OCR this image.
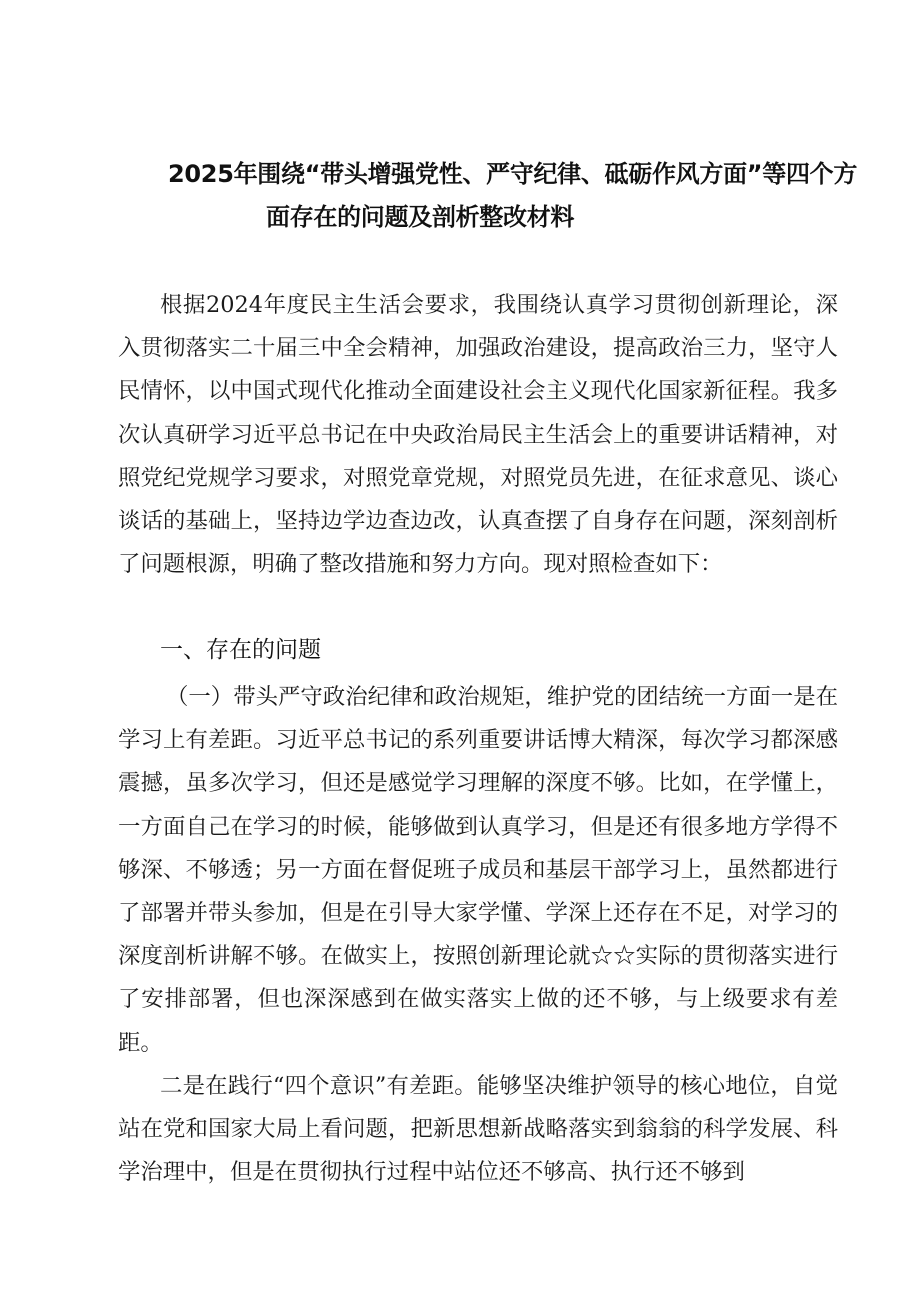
2025年围绕“带头增强党性、严守纪律、砥砺作风方面”等四个方
面存在的问题及剖析整改材料
根据2024年度民主生活会要求，我围绕认真学习贯彻创新理论，深入贯彻落实二十届三中全会精神，加强政治建设，提高政治三力，坚守人民情怀，以中国式现代化推动全面建设社会主义现代化国家新征程。我多次认真研学习近平总书记在中央政治局民主生活会上的重要讲话精神，对照党纪党规学习要求，对照党章党规，对照党员先进，在征求意见、谈心谈话的基础上，坚持边学边查边改，认真查摆了自身存在问题，深刻剖析了问题根源，明确了整改措施和努力方向。现对照检查如下：
一、存在的问题
（一）带头严守政治纪律和政治规矩，维护党的团结统一方面一是在学习上有差距。习近平总书记的系列重要讲话博大精深，每次学习都深感震撼，虽多次学习，但还是感觉学习理解的深度不够。比如，在学懂上，一方面自己在学习的时候，能够做到认真学习，但是还有很多地方学得不够深、不够透；另一方面在督促班子成员和基层干部学习上，虽然都进行了部署并带头参加，但是在引导大家学懂、学深上还存在不足，对学习的深度剖析讲解不够。在做实上，按照创新理论就☆☆实际的贯彻落实进行了安排部署，但也深深感到在做实落实上做的还不够，与上级要求有差距。
二是在践行“四个意识”有差距。能够坚决维护领导的核心地位，自觉站在党和国家大局上看问题，把新思想新战略落实到翁翁的科学发展、科学治理中，但是在贯彻执行过程中站位还不够高、执行还不够到
